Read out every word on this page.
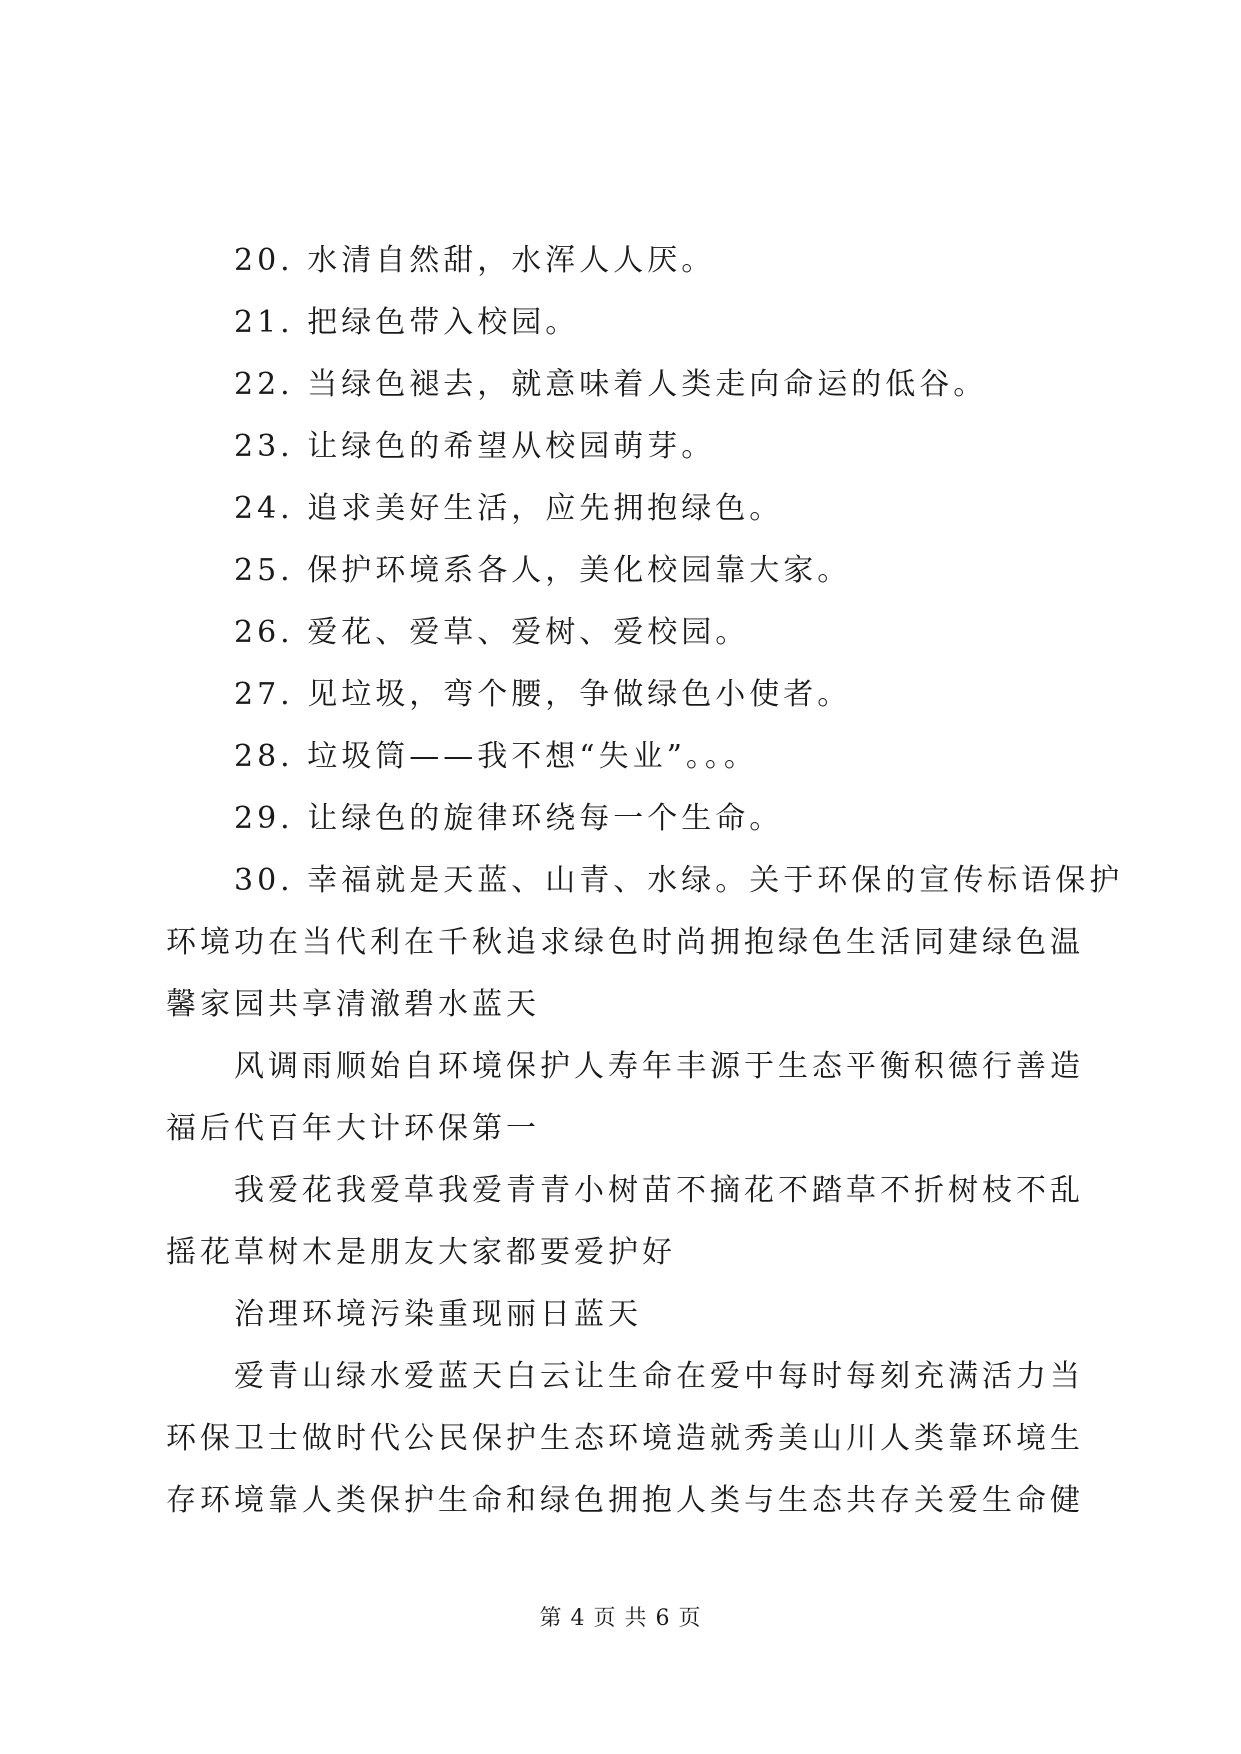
20. 水清自然甜，水浑人人厌。

21. 把绿色带入校园。

22. 当绿色褪去，就意味着人类走向命运的低谷。

23. 让绿色的希望从校园萌芽。

24. 追求美好生活，应先拥抱绿色。

25. 保护环境系各人，美化校园靠大家。

26. 爱花、爱草、爱树、爱校园。

27. 见垃圾，弯个腰，争做绿色小使者。

28. 垃圾筒——我不想“失业”。。。

29. 让绿色的旋律环绕每一个生命。

30. 幸福就是天蓝、山青、水绿。关于环保的宣传标语保护

环境功在当代利在千秋追求绿色时尚拥抱绿色生活同建绿色温

馨家园共享清澈碧水蓝天

风调雨顺始自环境保护人寿年丰源于生态平衡积德行善造

福后代百年大计环保第一

我爱花我爱草我爱青青小树苗不摘花不踏草不折树枝不乱

摇花草树木是朋友大家都要爱护好

治理环境污染重现丽日蓝天

爱青山绿水爱蓝天白云让生命在爱中每时每刻充满活力当

环保卫士做时代公民保护生态环境造就秀美山川人类靠环境生

存环境靠人类保护生命和绿色拥抱人类与生态共存关爱生命健

第 4 页 共 6 页
